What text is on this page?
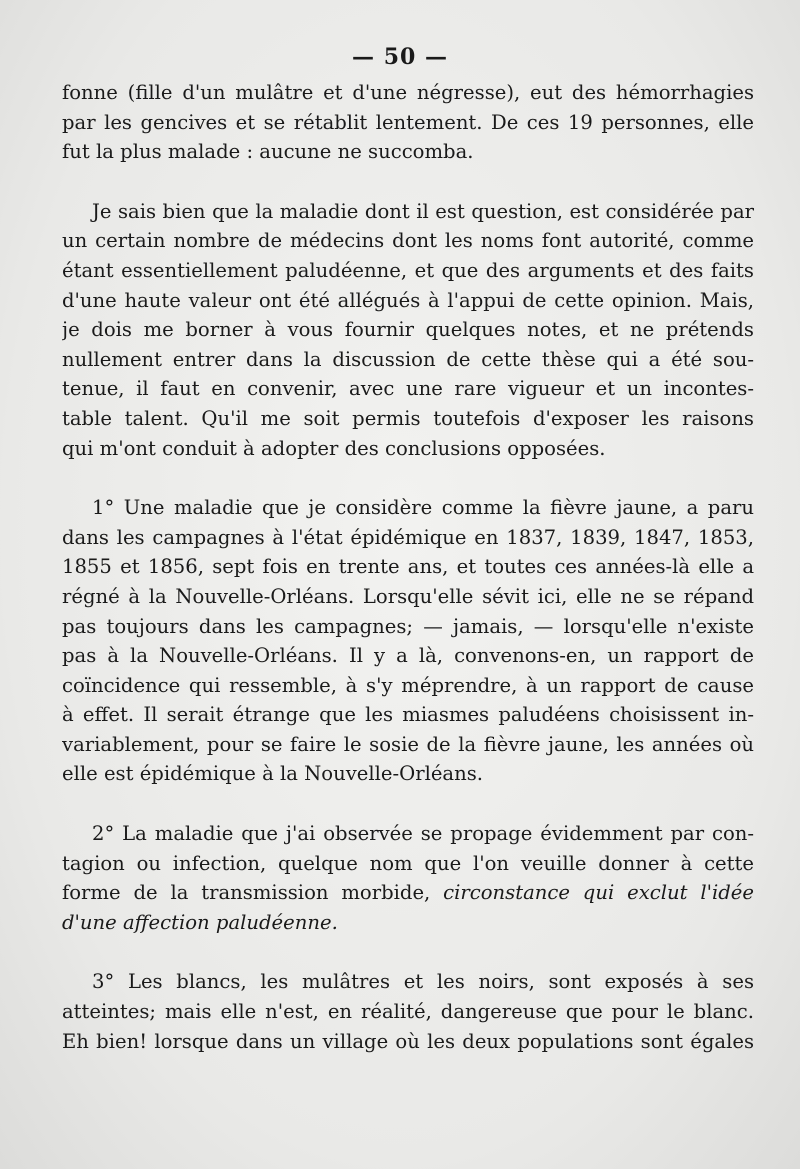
— 50 —
fonne (fille d'un mulâtre et d'une négresse), eut des hémorrhagies
par les gencives et se rétablit lentement. De ces 19 personnes, elle
fut la plus malade : aucune ne succomba.
Je sais bien que la maladie dont il est question, est considérée par
un certain nombre de médecins dont les noms font autorité, comme
étant essentiellement paludéenne, et que des arguments et des faits
d'une haute valeur ont été allégués à l'appui de cette opinion. Mais,
je dois me borner à vous fournir quelques notes, et ne prétends
nullement entrer dans la discussion de cette thèse qui a été sou-
tenue, il faut en convenir, avec une rare vigueur et un incontes-
table talent. Qu'il me soit permis toutefois d'exposer les raisons
qui m'ont conduit à adopter des conclusions opposées.
1° Une maladie que je considère comme la fièvre jaune, a paru
dans les campagnes à l'état épidémique en 1837, 1839, 1847, 1853,
1855 et 1856, sept fois en trente ans, et toutes ces années-là elle a
régné à la Nouvelle-Orléans. Lorsqu'elle sévit ici, elle ne se répand
pas toujours dans les campagnes; — jamais, — lorsqu'elle n'existe
pas à la Nouvelle-Orléans. Il y a là, convenons-en, un rapport de
coïncidence qui ressemble, à s'y méprendre, à un rapport de cause
à effet. Il serait étrange que les miasmes paludéens choisissent in-
variablement, pour se faire le sosie de la fièvre jaune, les années où
elle est épidémique à la Nouvelle-Orléans.
2° La maladie que j'ai observée se propage évidemment par con-
tagion ou infection, quelque nom que l'on veuille donner à cette
forme de la transmission morbide, circonstance qui exclut l'idée
d'une affection paludéenne.
3° Les blancs, les mulâtres et les noirs, sont exposés à ses
atteintes; mais elle n'est, en réalité, dangereuse que pour le blanc.
Eh bien! lorsque dans un village où les deux populations sont égales
